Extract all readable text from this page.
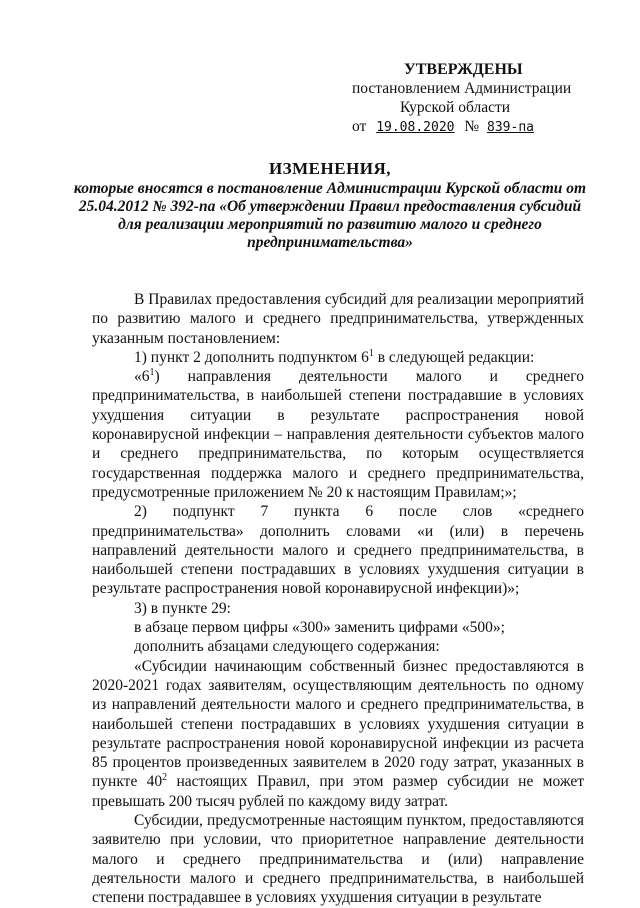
УТВЕРЖДЕНЫ
постановлением Администрации
Курской области
от 19.08.2020 № 839-па
ИЗМЕНЕНИЯ,
которые вносятся в постановление Администрации Курской области от 25.04.2012 № 392-па «Об утверждении Правил предоставления субсидий для реализации мероприятий по развитию малого и среднего предпринимательства»

В Правилах предоставления субсидий для реализации мероприятий по развитию малого и среднего предпринимательства, утвержденных указанным постановлением:

1) пункт 2 дополнить подпунктом $6^1$ в следующей редакции:

«$6^1$) направления деятельности малого и среднего предпринимательства, в наибольшей степени пострадавшие в условиях ухудшения ситуации в результате распространения новой коронавирусной инфекции – направления деятельности субъектов малого и среднего предпринимательства, по которым осуществляется государственная поддержка малого и среднего предпринимательства, предусмотренные приложением № 20 к настоящим Правилам;»;

2) подпункт 7 пункта 6 после слов «среднего предпринимательства» дополнить словами «и (или) в перечень направлений деятельности малого и среднего предпринимательства, в наибольшей степени пострадавших в условиях ухудшения ситуации в результате распространения новой коронавирусной инфекции)»;

3) в пункте 29:

в абзаце первом цифры «300» заменить цифрами «500»;

дополнить абзацами следующего содержания:

«Субсидии начинающим собственный бизнес предоставляются в 2020-2021 годах заявителям, осуществляющим деятельность по одному из направлений деятельности малого и среднего предпринимательства, в наибольшей степени пострадавших в условиях ухудшения ситуации в результате распространения новой коронавирусной инфекции из расчета 85 процентов произведенных заявителем в 2020 году затрат, указанных в пункте $40^2$ настоящих Правил, при этом размер субсидии не может превышать 200 тысяч рублей по каждому виду затрат.

Субсидии, предусмотренные настоящим пунктом, предоставляются заявителю при условии, что приоритетное направление деятельности малого и среднего предпринимательства и (или) направление деятельности малого и среднего предпринимательства, в наибольшей степени пострадавшее в условиях ухудшения ситуации в результате
